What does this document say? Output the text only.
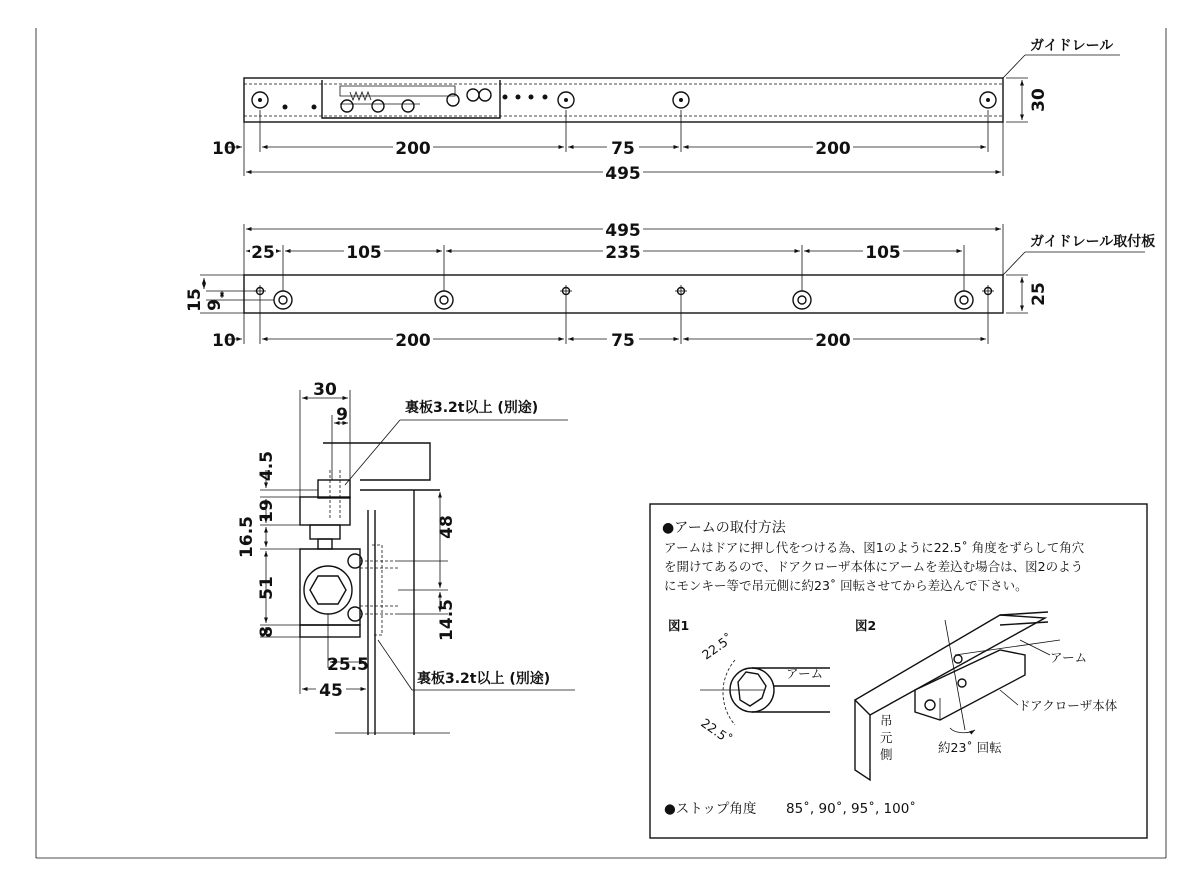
ガイドレール
30
10	200	75	200
495
ガイドレール取付板
25
495
25	105	235	105
15 9
10	200	75	200
30
9	裏板3.2t以上 (別途)
4.5
19
16.5
51
8
48
14.5
25.5
45
裏板3.2t以上 (別途)
●アームの取付方法
アームはドアに押し代をつける為、図1のように22.5˚ 角度をずらして角穴
を開けてあるので、ドアクローザ本体にアームを差込む場合は、図2のよう
にモンキー等で吊元側に約23˚ 回転させてから差込んで下さい。
図1
アーム
22.5˚
22.5˚
図2
アーム
ドアクローザ本体
約23˚ 回転
吊
元
側
●ストップ角度 85˚, 90˚, 95˚, 100˚
